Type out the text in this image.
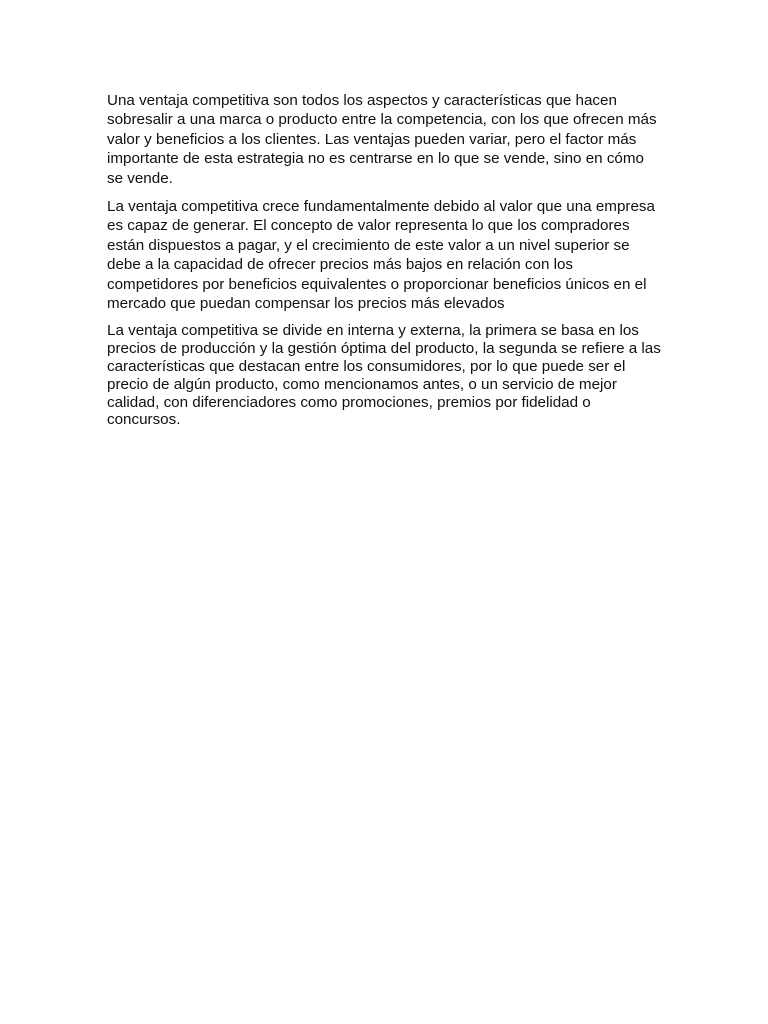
Una ventaja competitiva son todos los aspectos y características que hacen sobresalir a una marca o producto entre la competencia, con los que ofrecen más valor y beneficios a los clientes. Las ventajas pueden variar, pero el factor más importante de esta estrategia no es centrarse en lo que se vende, sino en cómo se vende.

La ventaja competitiva crece fundamentalmente debido al valor que una empresa es capaz de generar. El concepto de valor representa lo que los compradores están dispuestos a pagar, y el crecimiento de este valor a un nivel superior se debe a la capacidad de ofrecer precios más bajos en relación con los competidores por beneficios equivalentes o proporcionar beneficios únicos en el mercado que puedan compensar los precios más elevados

La ventaja competitiva se divide en interna y externa, la primera se basa en los precios de producción y la gestión óptima del producto, la segunda se refiere a las características que destacan entre los consumidores, por lo que puede ser el precio de algún producto, como mencionamos antes, o un servicio de mejor calidad, con diferenciadores como promociones, premios por fidelidad o concursos.
